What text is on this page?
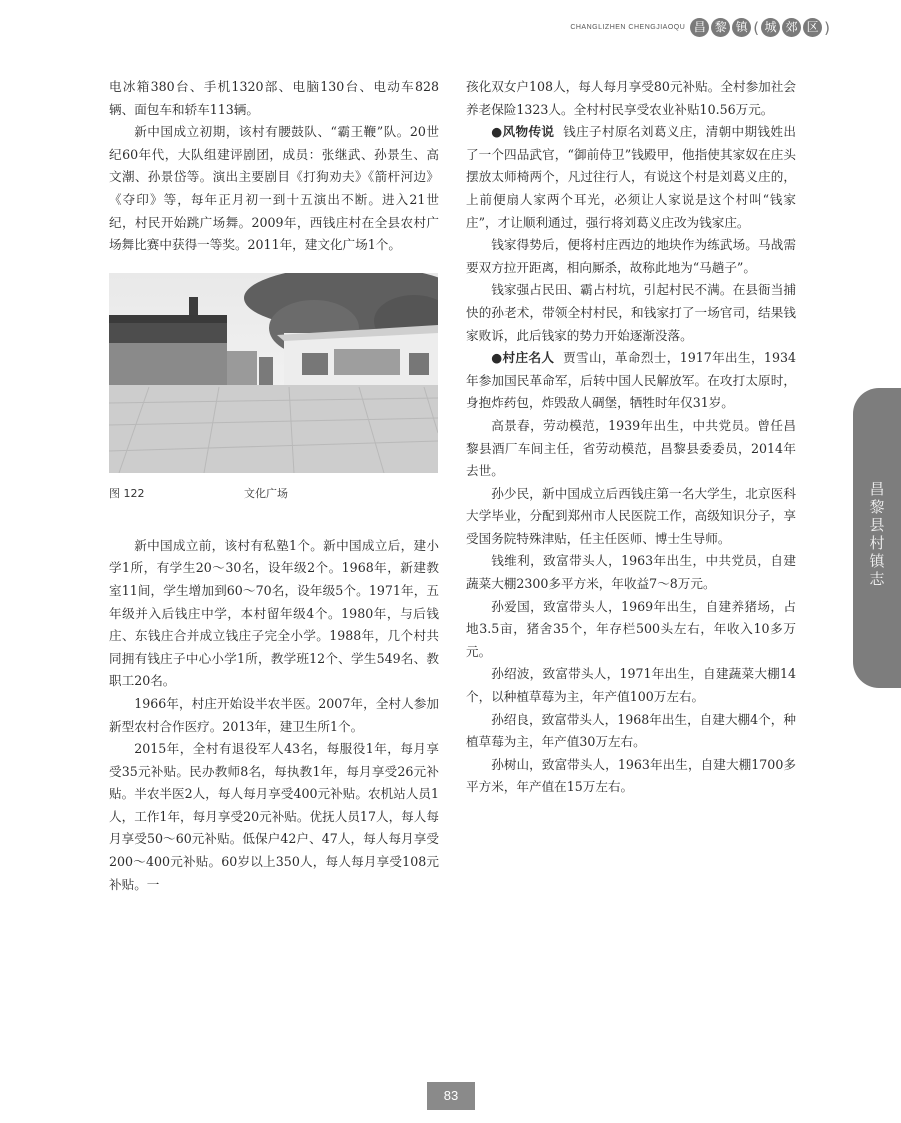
CHANGLIZHEN CHENGJIAOQU 昌 黎 镇 ( 城 郊 区 )

电冰箱380台、手机1320部、电脑130台、电动车828辆、面包车和轿车113辆。

新中国成立初期，该村有腰鼓队、“霸王鞭”队。20世纪60年代，大队组建评剧团，成员：张继武、孙景生、高文潮、孙景岱等。演出主要剧目《打狗劝夫》《箭杆河边》《夺印》等，每年正月初一到十五演出不断。进入21世纪，村民开始跳广场舞。2009年，西钱庄村在全县农村广场舞比赛中获得一等奖。2011年，建文化广场1个。

图 122	文化广场

新中国成立前，该村有私塾1个。新中国成立后，建小学1所，有学生20～30名，设年级2个。1968年，新建教室11间，学生增加到60～70名，设年级5个。1971年，五年级并入后钱庄中学，本村留年级4个。1980年，与后钱庄、东钱庄合并成立钱庄子完全小学。1988年，几个村共同拥有钱庄子中心小学1所，教学班12个、学生549名、教职工20名。

1966年，村庄开始设半农半医。2007年，全村人参加新型农村合作医疗。2013年，建卫生所1个。

2015年，全村有退役军人43名，每服役1年，每月享受35元补贴。民办教师8名，每执教1年，每月享受26元补贴。半农半医2人，每人每月享受400元补贴。农机站人员1人，工作1年，每月享受20元补贴。优抚人员17人，每人每月享受50～60元补贴。低保户42户、47人，每人每月享受200～400元补贴。60岁以上350人，每人每月享受108元补贴。一

孩化双女户108人，每人每月享受80元补贴。全村参加社会养老保险1323人。全村村民享受农业补贴10.56万元。

●风物传说 钱庄子村原名刘葛义庄，清朝中期钱姓出了一个四品武官，“御前侍卫”钱殿甲，他指使其家奴在庄头摆放太师椅两个，凡过往行人，有说这个村是刘葛义庄的，上前便扇人家两个耳光，必须让人家说是这个村叫“钱家庄”，才让顺利通过，强行将刘葛义庄改为钱家庄。

钱家得势后，便将村庄西边的地块作为练武场。马战需要双方拉开距离，相向厮杀，故称此地为“马趟子”。

钱家强占民田、霸占村坑，引起村民不满。在县衙当捕快的孙老术，带领全村村民，和钱家打了一场官司，结果钱家败诉，此后钱家的势力开始逐渐没落。

●村庄名人 贾雪山，革命烈士，1917年出生，1934年参加国民革命军，后转中国人民解放军。在攻打太原时，身抱炸药包，炸毁敌人碉堡，牺牲时年仅31岁。

高景春，劳动模范，1939年出生，中共党员。曾任昌黎县酒厂车间主任，省劳动模范，昌黎县委委员，2014年去世。

孙少民，新中国成立后西钱庄第一名大学生，北京医科大学毕业，分配到郑州市人民医院工作，高级知识分子，享受国务院特殊津贴，任主任医师、博士生导师。

钱维利，致富带头人，1963年出生，中共党员，自建蔬菜大棚2300多平方米，年收益7～8万元。

孙爱国，致富带头人，1969年出生，自建养猪场，占地3.5亩，猪舍35个，年存栏500头左右，年收入10多万元。

孙绍波，致富带头人，1971年出生，自建蔬菜大棚14个，以种植草莓为主，年产值100万左右。

孙绍良，致富带头人，1968年出生，自建大棚4个，种植草莓为主，年产值30万左右。

孙树山，致富带头人，1963年出生，自建大棚1700多平方米，年产值在15万左右。

昌黎县村镇志
83
